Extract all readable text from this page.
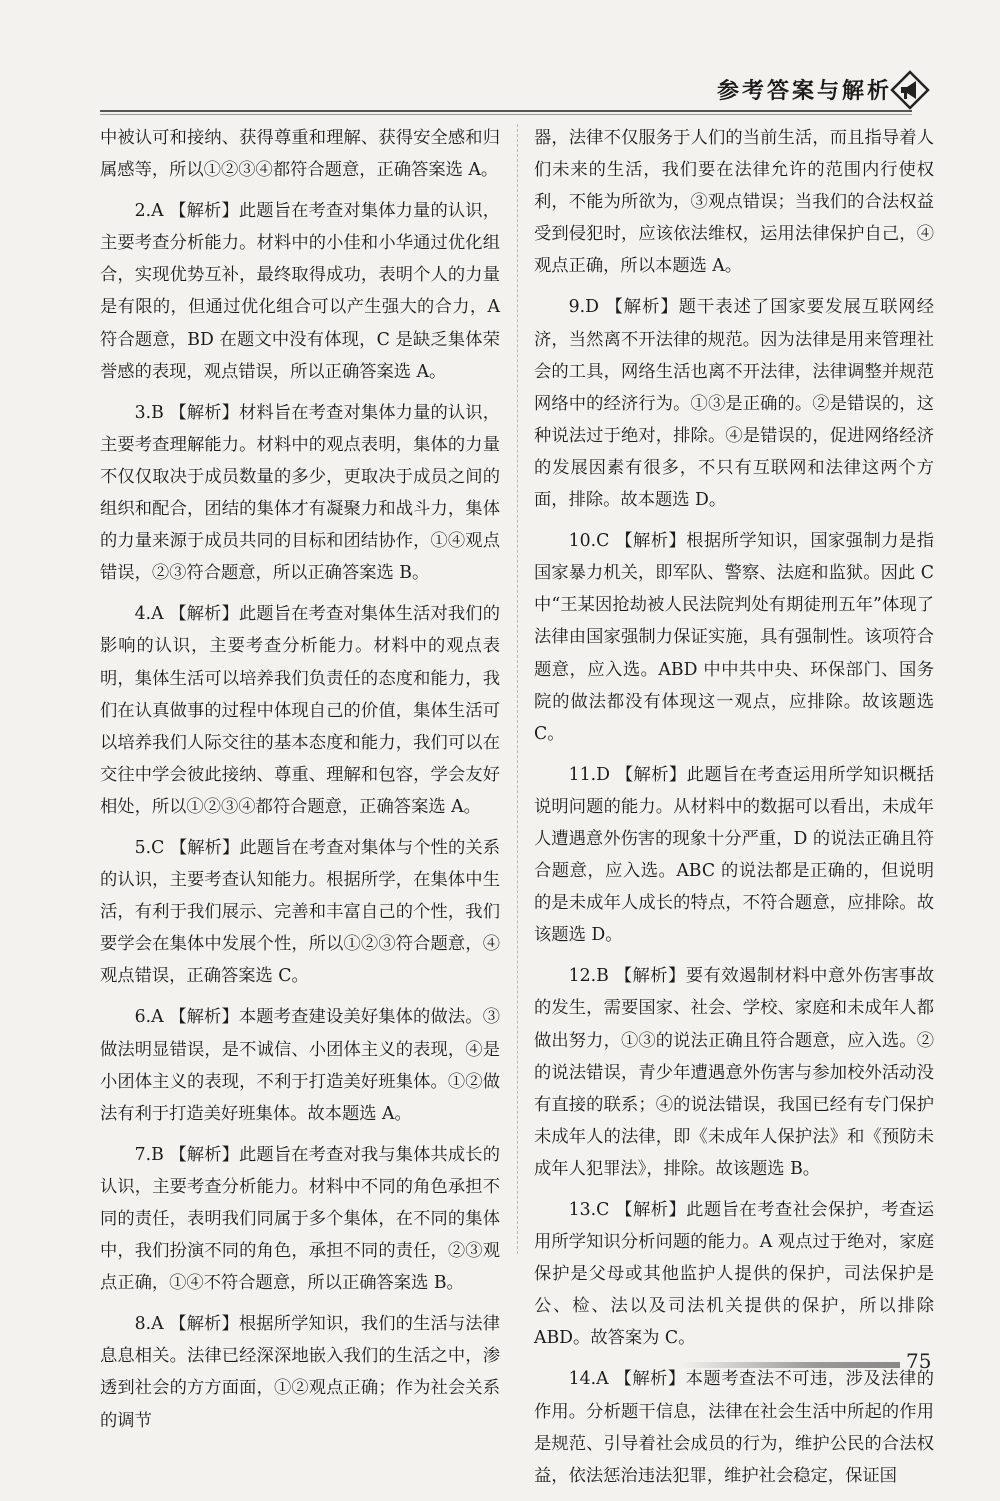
参考答案与解析

中被认可和接纳、获得尊重和理解、获得安全感和归属感等，所以①②③④都符合题意，正确答案选 A。

2.A 【解析】此题旨在考查对集体力量的认识，主要考查分析能力。材料中的小佳和小华通过优化组合，实现优势互补，最终取得成功，表明个人的力量是有限的，但通过优化组合可以产生强大的合力，A 符合题意，BD 在题文中没有体现，C 是缺乏集体荣誉感的表现，观点错误，所以正确答案选 A。

3.B 【解析】材料旨在考查对集体力量的认识，主要考查理解能力。材料中的观点表明，集体的力量不仅仅取决于成员数量的多少，更取决于成员之间的组织和配合，团结的集体才有凝聚力和战斗力，集体的力量来源于成员共同的目标和团结协作，①④观点错误，②③符合题意，所以正确答案选 B。

4.A 【解析】此题旨在考查对集体生活对我们的影响的认识，主要考查分析能力。材料中的观点表明，集体生活可以培养我们负责任的态度和能力，我们在认真做事的过程中体现自己的价值，集体生活可以培养我们人际交往的基本态度和能力，我们可以在交往中学会彼此接纳、尊重、理解和包容，学会友好相处，所以①②③④都符合题意，正确答案选 A。

5.C 【解析】此题旨在考查对集体与个性的关系的认识，主要考查认知能力。根据所学，在集体中生活，有利于我们展示、完善和丰富自己的个性，我们要学会在集体中发展个性，所以①②③符合题意，④观点错误，正确答案选 C。

6.A 【解析】本题考查建设美好集体的做法。③做法明显错误，是不诚信、小团体主义的表现，④是小团体主义的表现，不利于打造美好班集体。①②做法有利于打造美好班集体。故本题选 A。

7.B 【解析】此题旨在考查对我与集体共成长的认识，主要考查分析能力。材料中不同的角色承担不同的责任，表明我们同属于多个集体，在不同的集体中，我们扮演不同的角色，承担不同的责任，②③观点正确，①④不符合题意，所以正确答案选 B。

8.A 【解析】根据所学知识，我们的生活与法律息息相关。法律已经深深地嵌入我们的生活之中，渗透到社会的方方面面，①②观点正确；作为社会关系的调节

器，法律不仅服务于人们的当前生活，而且指导着人们未来的生活，我们要在法律允许的范围内行使权利，不能为所欲为，③观点错误；当我们的合法权益受到侵犯时，应该依法维权，运用法律保护自己，④观点正确，所以本题选 A。

9.D 【解析】题干表述了国家要发展互联网经济，当然离不开法律的规范。因为法律是用来管理社会的工具，网络生活也离不开法律，法律调整并规范网络中的经济行为。①③是正确的。②是错误的，这种说法过于绝对，排除。④是错误的，促进网络经济的发展因素有很多，不只有互联网和法律这两个方面，排除。故本题选 D。

10.C 【解析】根据所学知识，国家强制力是指国家暴力机关，即军队、警察、法庭和监狱。因此 C 中“王某因抢劫被人民法院判处有期徒刑五年”体现了法律由国家强制力保证实施，具有强制性。该项符合题意，应入选。ABD 中中共中央、环保部门、国务院的做法都没有体现这一观点，应排除。故该题选 C。

11.D 【解析】此题旨在考查运用所学知识概括说明问题的能力。从材料中的数据可以看出，未成年人遭遇意外伤害的现象十分严重，D 的说法正确且符合题意，应入选。ABC 的说法都是正确的，但说明的是未成年人成长的特点，不符合题意，应排除。故该题选 D。

12.B 【解析】要有效遏制材料中意外伤害事故的发生，需要国家、社会、学校、家庭和未成年人都做出努力，①③的说法正确且符合题意，应入选。②的说法错误，青少年遭遇意外伤害与参加校外活动没有直接的联系；④的说法错误，我国已经有专门保护未成年人的法律，即《未成年人保护法》和《预防未成年人犯罪法》，排除。故该题选 B。

13.C 【解析】此题旨在考查社会保护，考查运用所学知识分析问题的能力。A 观点过于绝对，家庭保护是父母或其他监护人提供的保护，司法保护是公、检、法以及司法机关提供的保护，所以排除 ABD。故答案为 C。

14.A 【解析】本题考查法不可违，涉及法律的作用。分析题干信息，法律在社会生活中所起的作用是规范、引导着社会成员的行为，维护公民的合法权益，依法惩治违法犯罪，维护社会稳定，保证国

75
